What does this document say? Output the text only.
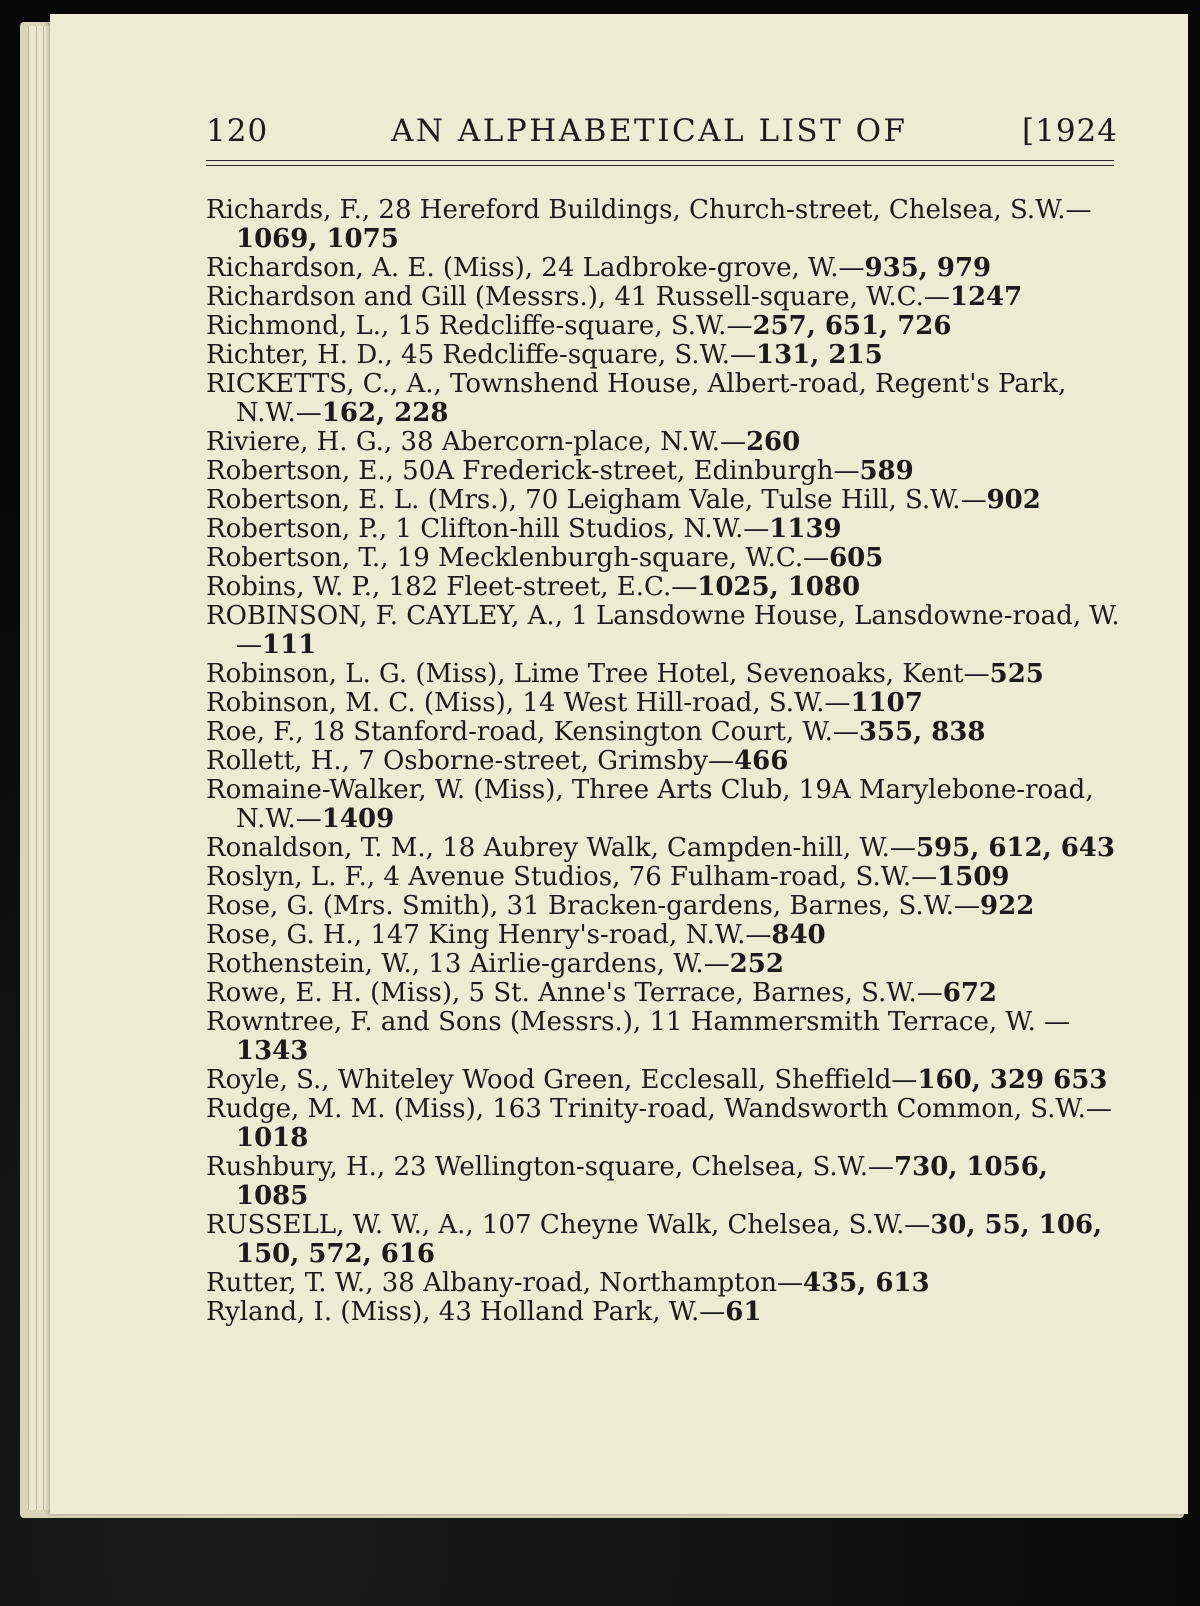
120	AN ALPHABETICAL LIST OF	[1924

Richards, F., 28 Hereford Buildings, Church-street, Chelsea, S.W.—1069, 1075

Richardson, A. E. (Miss), 24 Ladbroke-grove, W.—935, 979

Richardson and Gill (Messrs.), 41 Russell-square, W.C.—1247

Richmond, L., 15 Redcliffe-square, S.W.—257, 651, 726

Richter, H. D., 45 Redcliffe-square, S.W.—131, 215

RICKETTS, C., A., Townshend House, Albert-road, Regent's Park, N.W.—162, 228

Riviere, H. G., 38 Abercorn-place, N.W.—260

Robertson, E., 50A Frederick-street, Edinburgh—589

Robertson, E. L. (Mrs.), 70 Leigham Vale, Tulse Hill, S.W.—902

Robertson, P., 1 Clifton-hill Studios, N.W.—1139

Robertson, T., 19 Mecklenburgh-square, W.C.—605

Robins, W. P., 182 Fleet-street, E.C.—1025, 1080

ROBINSON, F. CAYLEY, A., 1 Lansdowne House, Lansdowne-road, W.—111

Robinson, L. G. (Miss), Lime Tree Hotel, Sevenoaks, Kent—525

Robinson, M. C. (Miss), 14 West Hill-road, S.W.—1107

Roe, F., 18 Stanford-road, Kensington Court, W.—355, 838

Rollett, H., 7 Osborne-street, Grimsby—466

Romaine-Walker, W. (Miss), Three Arts Club, 19A Marylebone-road, N.W.—1409

Ronaldson, T. M., 18 Aubrey Walk, Campden-hill, W.—595, 612, 643

Roslyn, L. F., 4 Avenue Studios, 76 Fulham-road, S.W.—1509

Rose, G. (Mrs. Smith), 31 Bracken-gardens, Barnes, S.W.—922

Rose, G. H., 147 King Henry's-road, N.W.—840

Rothenstein, W., 13 Airlie-gardens, W.—252

Rowe, E. H. (Miss), 5 St. Anne's Terrace, Barnes, S.W.—672

Rowntree, F. and Sons (Messrs.), 11 Hammersmith Terrace, W. —1343

Royle, S., Whiteley Wood Green, Ecclesall, Sheffield—160, 329 653

Rudge, M. M. (Miss), 163 Trinity-road, Wandsworth Common, S.W.—1018

Rushbury, H., 23 Wellington-square, Chelsea, S.W.—730, 1056, 1085

RUSSELL, W. W., A., 107 Cheyne Walk, Chelsea, S.W.—30, 55, 106, 150, 572, 616

Rutter, T. W., 38 Albany-road, Northampton—435, 613

Ryland, I. (Miss), 43 Holland Park, W.—61
